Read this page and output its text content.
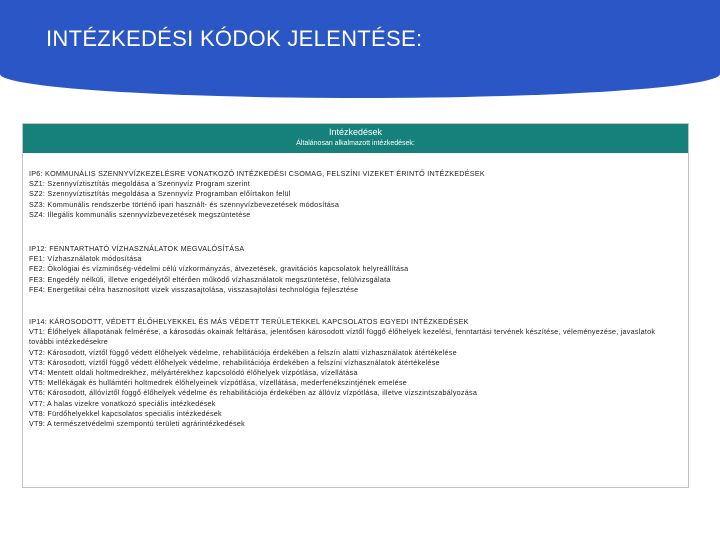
INTÉZKEDÉSI KÓDOK JELENTÉSE:
Intézkedések
Általánosan alkalmazott intézkedések:
IP6: KOMMUNÁLIS SZENNYVÍZKEZELÉSRE VONATKOZÓ INTÉZKEDÉSI CSOMAG, FELSZÍNI VIZEKET ÉRINTŐ INTÉZKEDÉSEK
SZ1: Szennyvíztisztítás megoldása a Szennyvíz Program szerint
SZ2: Szennyvíztisztítás megoldása a Szennyvíz Programban előírtakon felül
SZ3: Kommunális rendszerbe történő ipari használt- és szennyvízbevezetések módosítása
SZ4: Illegális kommunális szennyvízbevezetések megszüntetése
IP12: FENNTARTHATÓ VÍZHASZNÁLATOK MEGVALÓSÍTÁSA
FE1: Vízhasználatok módosítása
FE2: Ökológiai és vízminőség-védelmi célú vízkormányzás, átvezetések, gravitációs kapcsolatok helyreállítása
FE3: Engedély nélküli, illetve engedélytől eltérően működő vízhasználatok megszüntetése, felülvizsgálata
FE4: Energetikai célra hasznosított vizek visszasajtolása, visszasajtolási technológia fejlesztése
IP14: KÁROSODOTT, VÉDETT ÉLŐHELYEKKEL ÉS MÁS VÉDETT TERÜLETEKKEL KAPCSOLATOS EGYEDI INTÉZKEDÉSEK
VT1: Élőhelyek állapotának felmérése, a károsodás okainak feltárása, jelentősen károsodott víztől függő élőhelyek kezelési, fenntartási tervének készítése, véleményezése, javaslatok további intézkedésekre
VT2: Károsodott, víztől függő védett élőhelyek védelme, rehabilitációja érdekében a felszín alatti vízhasználatok átértékelése
VT3: Károsodott, víztől függő védett élőhelyek védelme, rehabilitációja érdekében a felszíni vízhasználatok átértékelése
VT4: Mentett oldali holtmedrekhez, mélyártérekhez kapcsolódó élőhelyek vízpótlása, vízellátása
VT5: Mellékágak és hullámtéri holtmedrek élőhelyeinek vízpótlása, vízellátása, mederfenékszintjének emelése
VT6: Károsodott, állóvíztől függő élőhelyek védelme és rehabilitációja érdekében az állóvíz vízpótlása, illetve vízszintszabályozása
VT7: A halas vizekre vonatkozó speciális intézkedések
VT8: Fürdőhelyekkel kapcsolatos speciális intézkedések
VT9: A természetvédelmi szempontú területi agrárintézkedések
